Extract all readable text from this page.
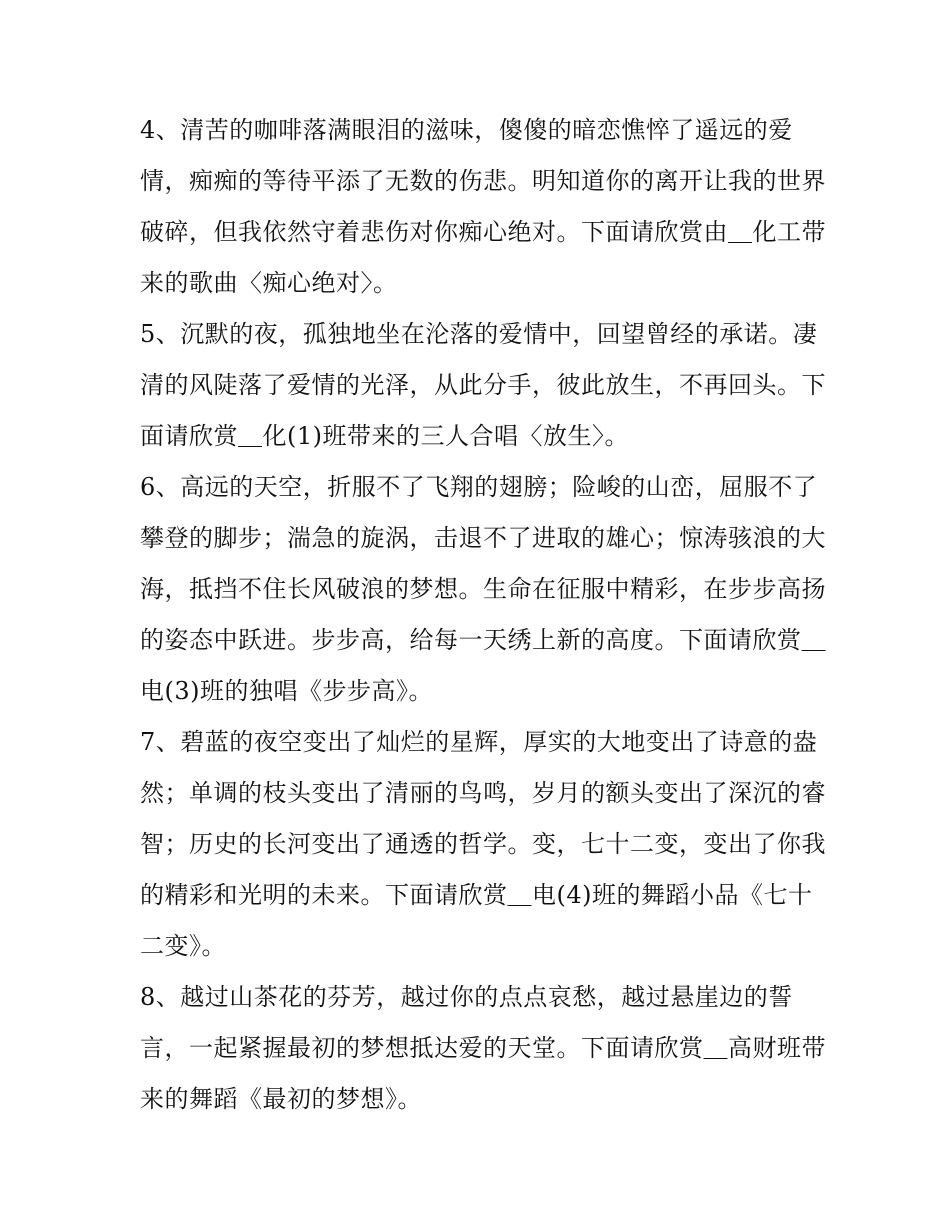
4、清苦的咖啡落满眼泪的滋味，傻傻的暗恋憔悴了遥远的爱情，痴痴的等待平添了无数的伤悲。明知道你的离开让我的世界破碎，但我依然守着悲伤对你痴心绝对。下面请欣赏由＿化工带来的歌曲〈痴心绝对〉。

5、沉默的夜，孤独地坐在沦落的爱情中，回望曾经的承诺。凄清的风陡落了爱情的光泽，从此分手，彼此放生，不再回头。下面请欣赏＿化(1)班带来的三人合唱〈放生〉。

6、高远的天空，折服不了飞翔的翅膀；险峻的山峦，屈服不了攀登的脚步；湍急的旋涡，击退不了进取的雄心；惊涛骇浪的大海，抵挡不住长风破浪的梦想。生命在征服中精彩，在步步高扬的姿态中跃进。步步高，给每一天绣上新的高度。下面请欣赏＿电(3)班的独唱《步步高》。

7、碧蓝的夜空变出了灿烂的星辉，厚实的大地变出了诗意的盎然；单调的枝头变出了清丽的鸟鸣，岁月的额头变出了深沉的睿智；历史的长河变出了通透的哲学。变，七十二变，变出了你我的精彩和光明的未来。下面请欣赏＿电(4)班的舞蹈小品《七十二变》。

8、越过山茶花的芬芳，越过你的点点哀愁，越过悬崖边的誓言，一起紧握最初的梦想抵达爱的天堂。下面请欣赏＿高财班带来的舞蹈《最初的梦想》。
